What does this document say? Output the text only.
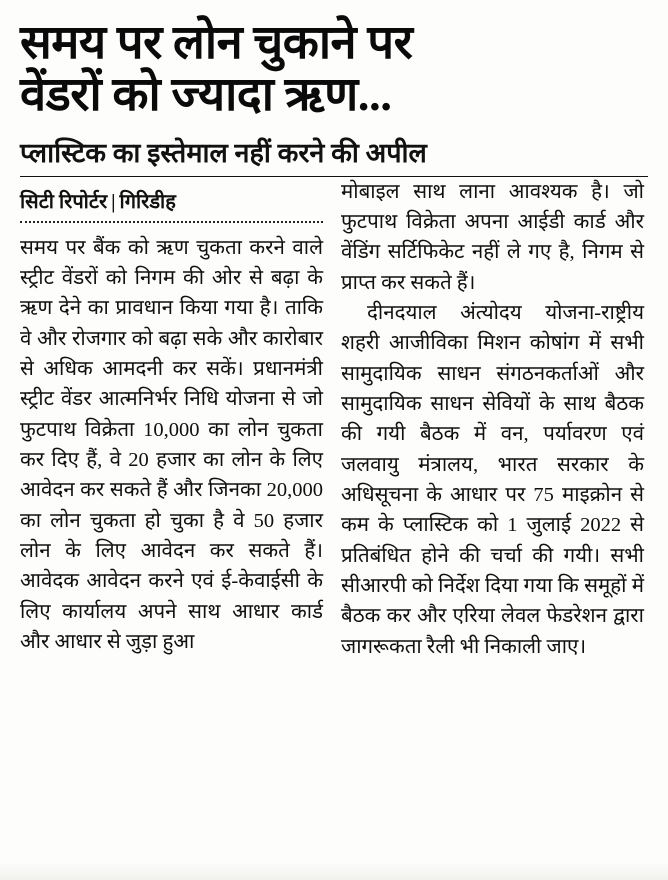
समय पर लोन चुकाने पर
वेंडरों को ज्यादा ऋण...
प्लास्टिक का इस्तेमाल नहीं करने की अपील
सिटी रिपोर्टर | गिरिडीह

समय पर बैंक को ऋण चुकता करने वाले स्ट्रीट वेंडरों को निगम की ओर से बढ़ा के ऋण देने का प्रावधान किया गया है। ताकि वे और रोजगार को बढ़ा सके और कारोबार से अधिक आमदनी कर सकें। प्रधानमंत्री स्ट्रीट वेंडर आत्मनिर्भर निधि योजना से जो फुटपाथ विक्रेता 10,000 का लोन चुकता कर दिए हैं, वे 20 हजार का लोन के लिए आवेदन कर सकते हैं और जिनका 20,000 का लोन चुकता हो चुका है वे 50 हजार लोन के लिए आवेदन कर सकते हैं। आवेदक आवेदन करने एवं ई-केवाईसी के लिए कार्यालय अपने साथ आधार कार्ड और आधार से जुड़ा हुआ

मोबाइल साथ लाना आवश्यक है। जो फुटपाथ विक्रेता अपना आईडी कार्ड और वेंडिंग सर्टिफिकेट नहीं ले गए है, निगम से प्राप्त कर सकते हैं।

दीनदयाल अंत्योदय योजना-राष्ट्रीय शहरी आजीविका मिशन कोषांग में सभी सामुदायिक साधन संगठनकर्ताओं और सामुदायिक साधन सेवियों के साथ बैठक की गयी बैठक में वन, पर्यावरण एवं जलवायु मंत्रालय, भारत सरकार के अधिसूचना के आधार पर 75 माइक्रोन से कम के प्लास्टिक को 1 जुलाई 2022 से प्रतिबंधित होने की चर्चा की गयी। सभी सीआरपी को निर्देश दिया गया कि समूहों में बैठक कर और एरिया लेवल फेडरेशन द्वारा जागरूकता रैली भी निकाली जाए।
